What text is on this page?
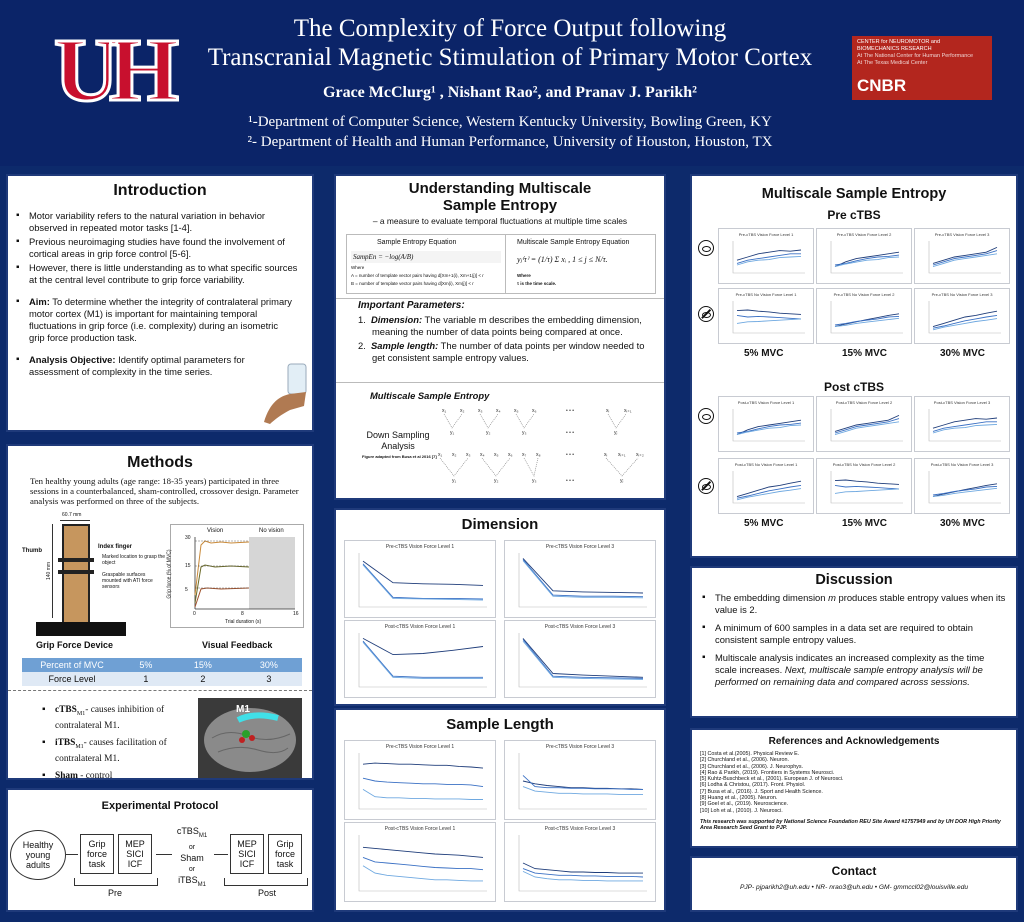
UH	The Complexity of Force Output following
Transcranial Magnetic Stimulation of Primary Motor Cortex
Grace McClurg¹ , Nishant Rao², and Pranav J. Parikh²
¹-Department of Computer Science, Western Kentucky University, Bowling Green, KY
²- Department of Health and Human Performance, University of Houston, Houston, TX
CENTER for NEUROMOTOR and
BIOMECHANICS RESEARCH
At The National Center for Human Performance
At The Texas Medical Center
CNBR
Introduction
▪ Motor variability refers to the natural variation in behavior observed in repeated motor tasks [1-4].
▪ Previous neuroimaging studies have found the involvement of cortical areas in grip force control [5-6].
▪ However, there is little understanding as to what specific sources at the central level contribute to grip force variability.
▪ Aim: To determine whether the integrity of contralateral primary motor cortex (M1) is important for maintaining temporal fluctuations in grip force (i.e. complexity) during an isometric grip force production task.
▪ Analysis Objective: Identify optimal parameters for assessment of complexity in the time series.
Methods
Ten healthy young adults (age range: 18-35 years) participated in three sessions in a counterbalanced, sham-controlled, crossover design. Parameter analysis was performed on three of the subjects.
60.7 mm
140 mm
Thumb
Index finger
Marked location to grasp the object
Graspable surfaces mounted with ATI force sensors
Vision	No vision
Grip force (% of MVC)
Trial duration (s)
30
15
5
0	8	16
Grip Force Device	Visual Feedback
Percent of MVC	5%	15%	30%
Force Level	1	2	3
▪ cTBS$_{M1}$- causes inhibition of contralateral M1.
▪ iTBS$_{M1}$- causes facilitation of contralateral M1.
▪ Sham - control
M1
Experimental Protocol
Healthy young adults
Grip force task
MEP SICI ICF
Pre
cTBS$_{M1}$
or
Sham
or
iTBS$_{M1}$
MEP SICI ICF
Grip force task
Post
Understanding Multiscale
Sample Entropy
– a measure to evaluate temporal fluctuations at multiple time scales
Sample Entropy Equation
SampEn = −log(A/B)
Where
A = number of template vector pairs having d[Xm+1(i), Xm+1(j)] < r
B = number of template vector pairs having d[Xm(i), Xm(j)] < r
Multiscale Sample Entropy Equation
yⱼ⁽τ⁾ = (1/τ) Σ xᵢ , 1 ≤ j ≤ N/τ.
Where
τ is the time scale.
Important Parameters:
1.  Dimension: The variable m describes the embedding dimension, meaning the number of data points being compared at once.
2.  Sample length: The number of data points per window needed to get consistent sample entropy values.
Multiscale Sample Entropy
Down Sampling Analysis
Figure adapted from Busa et al 2016 [7]
x₁	x₂	x₃	x₄	x₅	x₆	• • •	xᵢ	xᵢ₊₁
y₁	y₂	y₃	• • •	yⱼ
x₁ x₂ x₃ x₄ x₅ x₆ x₇ x₈	• • •	xᵢ xᵢ₊₁ xᵢ₊₂
y₁	y₂	y₃	• • •	yⱼ
Dimension
Pre-cTBS Vision Force Level 1	Pre-cTBS Vision Force Level 3
Post-cTBS Vision Force Level 1	Post-cTBS Vision Force Level 3
Sample Length
Pre-cTBS Vision Force Level 1	Pre-cTBS Vision Force Level 3
Post-cTBS Vision Force Level 1	Post-cTBS Vision Force Level 3
Multiscale Sample Entropy
Pre cTBS
Pre-cTBS Vision Force Level 1	Pre-cTBS Vision Force Level 2	Pre-cTBS Vision Force Level 3
Pre-cTBS No Vision Force Level 1	Pre-cTBS No Vision Force Level 2	Pre-cTBS No Vision Force Level 3
Post-cTBS Vision Force Level 1	Post-cTBS Vision Force Level 2	Post-cTBS Vision Force Level 3
Post-cTBS No Vision Force Level 1	Post-cTBS No Vision Force Level 2	Post-cTBS No Vision Force Level 3
Post cTBS
5% MVC	15% MVC	30% MVC
5% MVC	15% MVC	30% MVC
Discussion
▪ The embedding dimension m produces stable entropy values when its value is 2.
▪ A minimum of 600 samples in a data set are required to obtain consistent sample entropy values.
▪ Multiscale analysis indicates an increased complexity as the time scale increases. Next, multiscale sample entropy analysis will be performed on remaining data and compared across sessions.
References and Acknowledgements
[1] Costa et al.(2005). Physical Review E.
[2] Churchland et al., (2006). Neuron.
[3] Churchland et al., (2006). J. Neurophys.
[4] Rao & Parikh, (2019). Frontiers in Systems Neurosci.
[5] Kuhtz-Buschbeck et al., (2001). European J. of Neurosci.
[6] Lodha & Christou, (2017). Front. Physiol.
[7] Busa et al., (2016). J. Sport and Health Science.
[8] Huang et al., (2005). Neuron.
[9] Goel et al., (2019). Neuroscience.
[10] Loh et al., (2010). J. Neurosci.
This research was supported by National Science Foundation REU Site Award #1757949 and by UH DOR High Priority Area Research Seed Grant to PJP.
Contact
PJP- pjparikh2@uh.edu • NR- nrao3@uh.edu • GM- gmmccl02@louisville.edu
